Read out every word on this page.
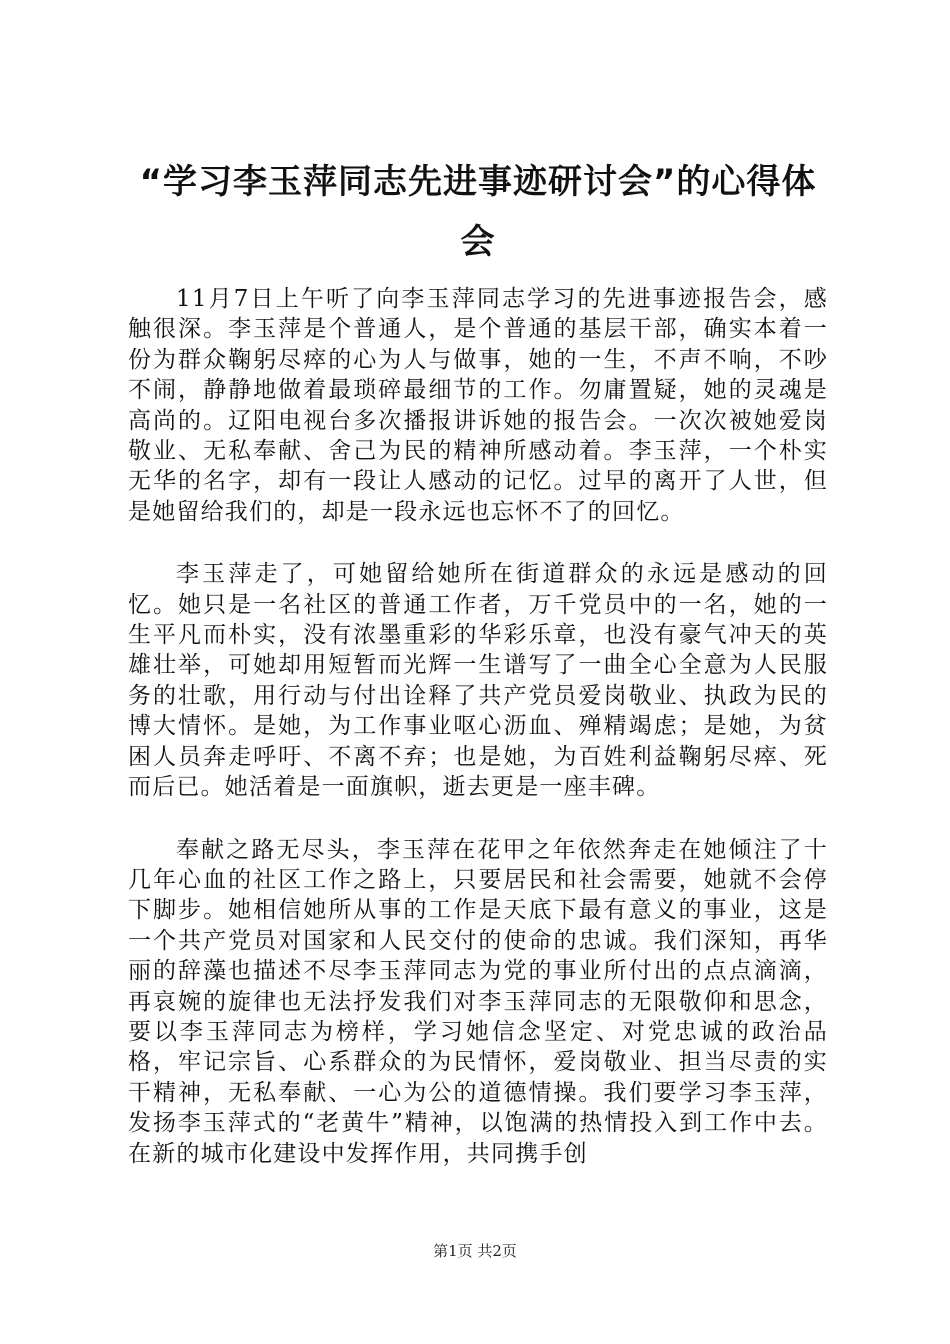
“学习李玉萍同志先进事迹研讨会”的心得体会

11月7日上午听了向李玉萍同志学习的先进事迹报告会，感触很深。李玉萍是个普通人，是个普通的基层干部，确实本着一份为群众鞠躬尽瘁的心为人与做事，她的一生，不声不响，不吵不闹，静静地做着最琐碎最细节的工作。勿庸置疑，她的灵魂是高尚的。辽阳电视台多次播报讲诉她的报告会。一次次被她爱岗敬业、无私奉献、舍己为民的精神所感动着。李玉萍，一个朴实无华的名字，却有一段让人感动的记忆。过早的离开了人世，但是她留给我们的，却是一段永远也忘怀不了的回忆。

李玉萍走了，可她留给她所在街道群众的永远是感动的回忆。她只是一名社区的普通工作者，万千党员中的一名，她的一生平凡而朴实，没有浓墨重彩的华彩乐章，也没有豪气冲天的英雄壮举，可她却用短暂而光辉一生谱写了一曲全心全意为人民服务的壮歌，用行动与付出诠释了共产党员爱岗敬业、执政为民的博大情怀。是她，为工作事业呕心沥血、殚精竭虑；是她，为贫困人员奔走呼吁、不离不弃；也是她，为百姓利益鞠躬尽瘁、死而后已。她活着是一面旗帜，逝去更是一座丰碑。

奉献之路无尽头，李玉萍在花甲之年依然奔走在她倾注了十几年心血的社区工作之路上，只要居民和社会需要，她就不会停下脚步。她相信她所从事的工作是天底下最有意义的事业，这是一个共产党员对国家和人民交付的使命的忠诚。我们深知，再华丽的辞藻也描述不尽李玉萍同志为党的事业所付出的点点滴滴，再哀婉的旋律也无法抒发我们对李玉萍同志的无限敬仰和思念，要以李玉萍同志为榜样，学习她信念坚定、对党忠诚的政治品格，牢记宗旨、心系群众的为民情怀，爱岗敬业、担当尽责的实干精神，无私奉献、一心为公的道德情操。我们要学习李玉萍，发扬李玉萍式的“老黄牛”精神，以饱满的热情投入到工作中去。在新的城市化建设中发挥作用，共同携手创

第1页 共2页
